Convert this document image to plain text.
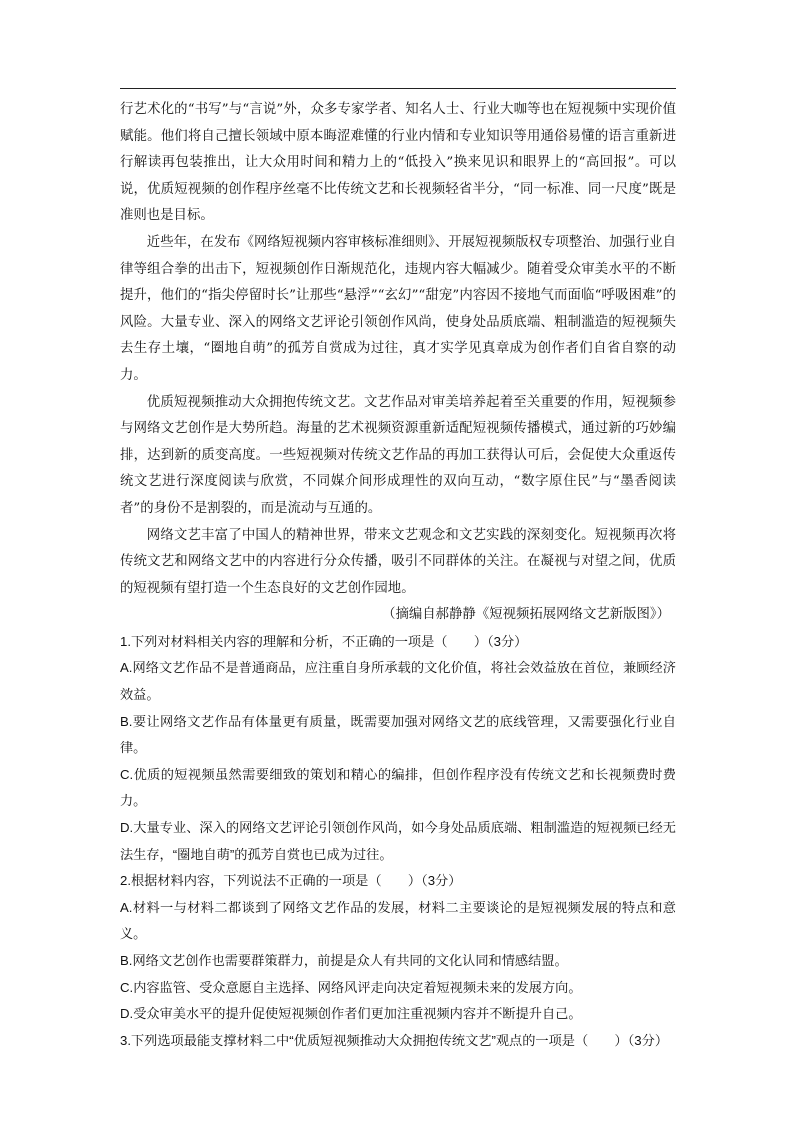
行艺术化的“书写”与“言说”外，众多专家学者、知名人士、行业大咖等也在短视频中实现价值赋能。他们将自己擅长领域中原本晦涩难懂的行业内情和专业知识等用通俗易懂的语言重新进行解读再包装推出，让大众用时间和精力上的“低投入”换来见识和眼界上的“高回报”。可以说，优质短视频的创作程序丝毫不比传统文艺和长视频轻省半分，“同一标准、同一尺度”既是准则也是目标。

近些年，在发布《网络短视频内容审核标准细则》、开展短视频版权专项整治、加强行业自律等组合拳的出击下，短视频创作日渐规范化，违规内容大幅减少。随着受众审美水平的不断提升，他们的“指尖停留时长”让那些“悬浮”“玄幻”“甜宠”内容因不接地气而面临“呼吸困难”的风险。大量专业、深入的网络文艺评论引领创作风尚，使身处品质底端、粗制滥造的短视频失去生存土壤，“圈地自萌”的孤芳自赏成为过往，真才实学见真章成为创作者们自省自察的动力。

优质短视频推动大众拥抱传统文艺。文艺作品对审美培养起着至关重要的作用，短视频参与网络文艺创作是大势所趋。海量的艺术视频资源重新适配短视频传播模式，通过新的巧妙编排，达到新的质变高度。一些短视频对传统文艺作品的再加工获得认可后，会促使大众重返传统文艺进行深度阅读与欣赏，不同媒介间形成理性的双向互动，“数字原住民”与“墨香阅读者”的身份不是割裂的，而是流动与互通的。

网络文艺丰富了中国人的精神世界，带来文艺观念和文艺实践的深刻变化。短视频再次将传统文艺和网络文艺中的内容进行分众传播，吸引不同群体的关注。在凝视与对望之间，优质的短视频有望打造一个生态良好的文艺创作园地。

（摘编自郝静静《短视频拓展网络文艺新版图》）

1.下列对材料相关内容的理解和分析，不正确的一项是（　　）（3分）

A.网络文艺作品不是普通商品，应注重自身所承载的文化价值，将社会效益放在首位，兼顾经济效益。

B.要让网络文艺作品有体量更有质量，既需要加强对网络文艺的底线管理，又需要强化行业自律。

C.优质的短视频虽然需要细致的策划和精心的编排，但创作程序没有传统文艺和长视频费时费力。

D.大量专业、深入的网络文艺评论引领创作风尚，如今身处品质底端、粗制滥造的短视频已经无法生存，“圈地自萌”的孤芳自赏也已成为过往。

2.根据材料内容，下列说法不正确的一项是（　　）（3分）

A.材料一与材料二都谈到了网络文艺作品的发展，材料二主要谈论的是短视频发展的特点和意义。

B.网络文艺创作也需要群策群力，前提是众人有共同的文化认同和情感结盟。

C.内容监管、受众意愿自主选择、网络风评走向决定着短视频未来的发展方向。

D.受众审美水平的提升促使短视频创作者们更加注重视频内容并不断提升自己。

3.下列选项最能支撑材料二中“优质短视频推动大众拥抱传统文艺”观点的一项是（　　）（3分）
